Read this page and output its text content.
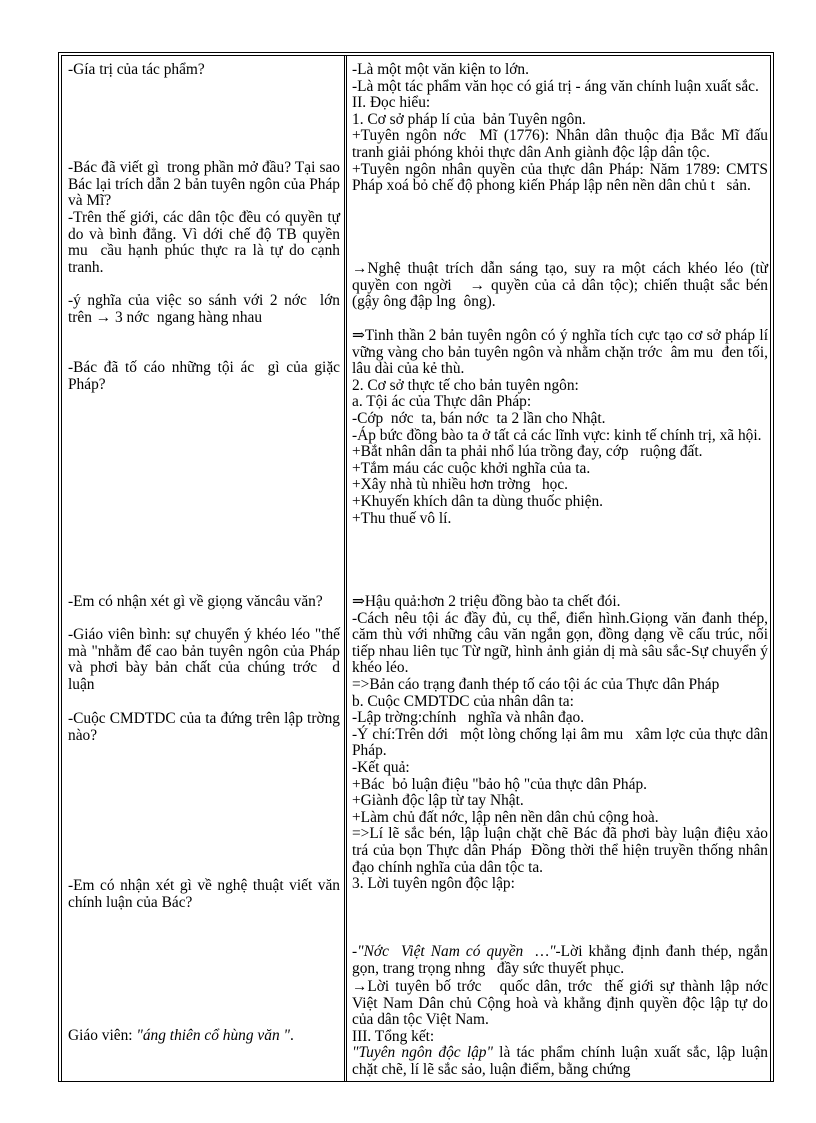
-Gía trị của tác phẩm?
-Bác đã viết gì  trong phần mở đầu? Tại sao Bác lại trích dẫn 2 bản tuyên ngôn của Pháp và Mĩ?
-Trên thế giới, các dân tộc đều có quyền tự do và bình đẳng. Vì dới chế độ TB quyền mu  cầu hạnh phúc thực ra là tự do cạnh tranh.
-ý nghĩa của việc so sánh với 2 nớc  lớn trên → 3 nớc  ngang hàng nhau
-Bác đã tố cáo những tội ác  gì của giặc Pháp?
-Em có nhận xét gì về giọng văncâu văn?
-Giáo viên bình: sự chuyển ý khéo léo "thế mà "nhằm để cao bản tuyên ngôn của Pháp và phơi bày bản chất của chúng trớc  d  luận
-Cuộc CMDTDC của ta đứng trên lập trờng   nào?
-Em có nhận xét gì về nghệ thuật viết văn chính luận của Bác?
Giáo viên: "áng thiên cổ hùng văn ".
-Là một một văn kiện to lớn.
-Là một tác phẩm văn học có giá trị - áng văn chính luận xuất sắc.
II. Đọc hiểu:
1. Cơ sở pháp lí của  bản Tuyên ngôn.
+Tuyên ngôn nớc  Mĩ (1776): Nhân dân thuộc địa Bắc Mĩ đấu tranh giải phóng khỏi thực dân Anh giành độc lập dân tộc.
+Tuyên ngôn nhân quyền của thực dân Pháp: Năm 1789: CMTS Pháp xoá bỏ chế độ phong kiến Pháp lập nên nền dân chủ t   sản.
→Nghệ thuật trích dẫn sáng tạo, suy ra một cách khéo léo (từ quyền con ngời   → quyền của cả dân tộc); chiến thuật sắc bén (gậy ông đập lng  ông).
⇒Tinh thần 2 bản tuyên ngôn có ý nghĩa tích cực tạo cơ sở pháp lí vững vàng cho bản tuyên ngôn và nhằm chặn trớc  âm mu  đen tối, lâu dài của kẻ thù.
2. Cơ sở thực tế cho bản tuyên ngôn:
a. Tội ác của Thực dân Pháp:
-Cớp  nớc  ta, bán nớc  ta 2 lần cho Nhật.
-Áp bức đồng bào ta ở tất cả các lĩnh vực: kinh tế chính trị, xã hội.
+Bắt nhân dân ta phải nhổ lúa trồng đay, cớp   ruộng đất.
+Tắm máu các cuộc khởi nghĩa của ta.
+Xây nhà tù nhiều hơn trờng   học.
+Khuyến khích dân ta dùng thuốc phiện.
+Thu thuế vô lí.
⇒Hậu quả:hơn 2 triệu đồng bào ta chết đói.
-Cách nêu tội ác đầy đủ, cụ thể, điển hình.Giọng văn đanh thép, căm thù với những câu văn ngắn gọn, đồng dạng về cấu trúc, nối tiếp nhau liên tục Từ ngữ, hình ảnh giản dị mà sâu sắc-Sự chuyển ý khéo léo.
=>Bản cáo trạng đanh thép tố cáo tội ác của Thực dân Pháp
b. Cuộc CMDTDC của nhân dân ta:
-Lập trờng:chính   nghĩa và nhân đạo.
-Ý chí:Trên dới   một lòng chống lại âm mu   xâm lợc của thực dân Pháp.
-Kết quả:
+Bác  bỏ luận điệu "bảo hộ "của thực dân Pháp.
+Giành độc lập từ tay Nhật.
+Làm chủ đất nớc, lập nên nền dân chủ cộng hoà.
=>Lí lẽ sắc bén, lập luận chặt chẽ Bác đã phơi bày luận điệu xảo trá của bọn Thực dân Pháp  Đồng thời thể hiện truyền thống nhân đạo chính nghĩa của dân tộc ta.
3. Lời tuyên ngôn độc lập:
-"Nớc  Việt Nam có quyền  …"-Lời khẳng định đanh thép, ngắn gọn, trang trọng nhng   đầy sức thuyết phục.
→Lời tuyên bố trớc   quốc dân, trớc  thế giới sự thành lập nớc   Việt Nam Dân chủ Cộng hoà và khẳng định quyền độc lập tự do của dân tộc Việt Nam.
III. Tổng kết:
"Tuyên ngôn độc lập" là tác phẩm chính luận xuất sắc, lập luận chặt chẽ, lí lẽ sắc sảo, luận điểm, bằng chứng
